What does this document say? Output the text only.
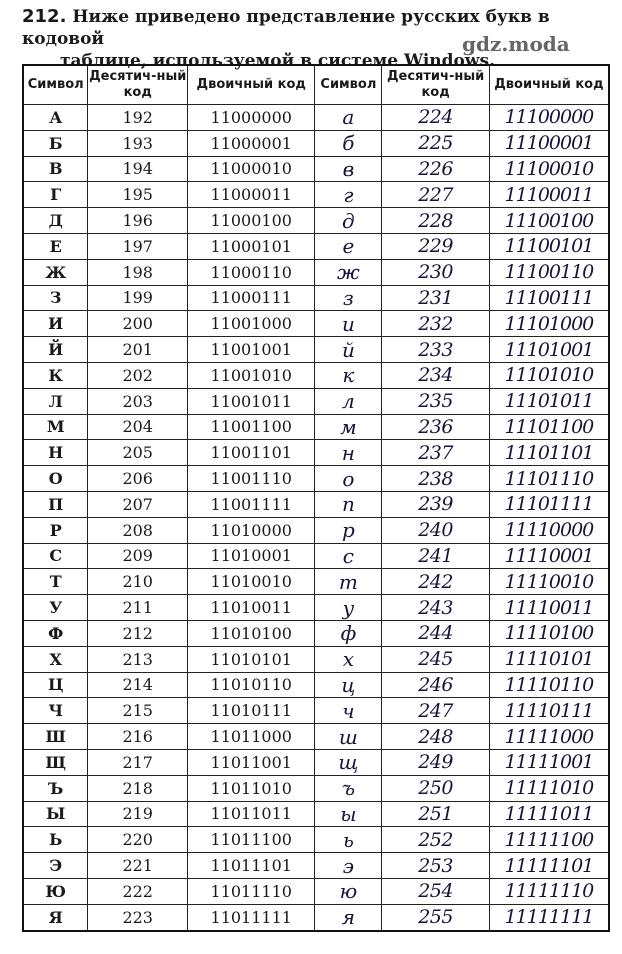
212. Ниже приведено представление русских букв в кодовой
таблице, используемой в системе Windows.
gdz.moda
Символ	Десятич-ный код	Двоичный код	Символ	Десятич-ный код	Двоичный код
А	192	11000000	а	224	11100000
Б	193	11000001	б	225	11100001
В	194	11000010	в	226	11100010
Г	195	11000011	г	227	11100011
Д	196	11000100	д	228	11100100
Е	197	11000101	е	229	11100101
Ж	198	11000110	ж	230	11100110
З	199	11000111	з	231	11100111
И	200	11001000	и	232	11101000
Й	201	11001001	й	233	11101001
К	202	11001010	к	234	11101010
Л	203	11001011	л	235	11101011
М	204	11001100	м	236	11101100
Н	205	11001101	н	237	11101101
О	206	11001110	о	238	11101110
П	207	11001111	п	239	11101111
Р	208	11010000	р	240	11110000
С	209	11010001	с	241	11110001
Т	210	11010010	т	242	11110010
У	211	11010011	у	243	11110011
Ф	212	11010100	ф	244	11110100
Х	213	11010101	х	245	11110101
Ц	214	11010110	ц	246	11110110
Ч	215	11010111	ч	247	11110111
Ш	216	11011000	ш	248	11111000
Щ	217	11011001	щ	249	11111001
Ъ	218	11011010	ъ	250	11111010
Ы	219	11011011	ы	251	11111011
Ь	220	11011100	ь	252	11111100
Э	221	11011101	э	253	11111101
Ю	222	11011110	ю	254	11111110
Я	223	11011111	я	255	11111111
